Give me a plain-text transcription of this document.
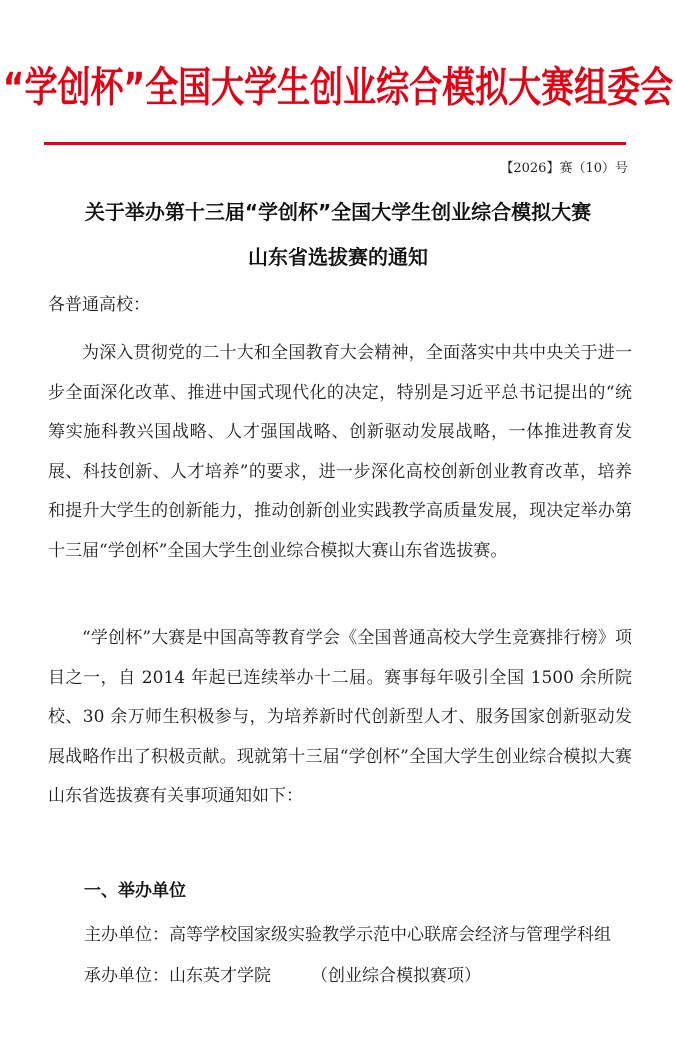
“学创杯”全国大学生创业综合模拟大赛组委会
【2026】赛（10）号
关于举办第十三届“学创杯”全国大学生创业综合模拟大赛
山东省选拔赛的通知
各普通高校：
为深入贯彻党的二十大和全国教育大会精神，全面落实中共中央关于进一步全面深化改革、推进中国式现代化的决定，特别是习近平总书记提出的“统筹实施科教兴国战略、人才强国战略、创新驱动发展战略，一体推进教育发展、科技创新、人才培养”的要求，进一步深化高校创新创业教育改革，培养和提升大学生的创新能力，推动创新创业实践教学高质量发展，现决定举办第十三届“学创杯”全国大学生创业综合模拟大赛山东省选拔赛。
“学创杯”大赛是中国高等教育学会《全国普通高校大学生竞赛排行榜》项目之一，自 2014 年起已连续举办十二届。赛事每年吸引全国 1500 余所院校、30 余万师生积极参与，为培养新时代创新型人才、服务国家创新驱动发展战略作出了积极贡献。现就第十三届“学创杯”全国大学生创业综合模拟大赛山东省选拔赛有关事项通知如下：
一、举办单位
主办单位：高等学校国家级实验教学示范中心联席会经济与管理学科组
承办单位：山东英才学院 （创业综合模拟赛项）
